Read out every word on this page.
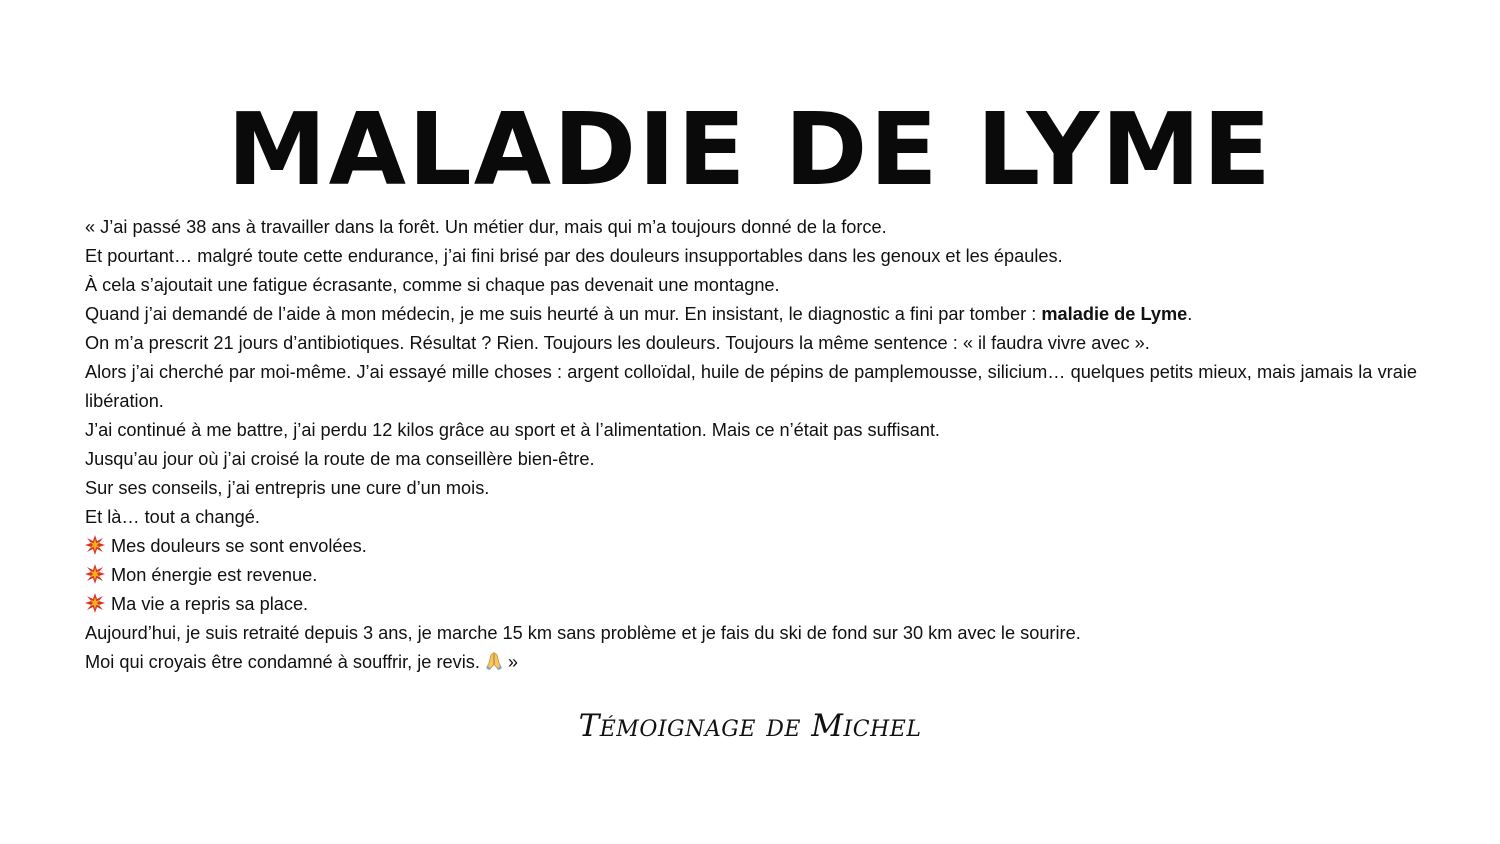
MALADIE DE LYME
« J’ai passé 38 ans à travailler dans la forêt. Un métier dur, mais qui m’a toujours donné de la force.
Et pourtant… malgré toute cette endurance, j’ai fini brisé par des douleurs insupportables dans les genoux et les épaules.
À cela s’ajoutait une fatigue écrasante, comme si chaque pas devenait une montagne.
Quand j’ai demandé de l’aide à mon médecin, je me suis heurté à un mur. En insistant, le diagnostic a fini par tomber : maladie de Lyme.
On m’a prescrit 21 jours d’antibiotiques. Résultat ? Rien. Toujours les douleurs. Toujours la même sentence : « il faudra vivre avec ».
Alors j’ai cherché par moi-même. J’ai essayé mille choses : argent colloïdal, huile de pépins de pamplemousse, silicium… quelques petits mieux, mais jamais la vraie libération.
J’ai continué à me battre, j’ai perdu 12 kilos grâce au sport et à l’alimentation. Mais ce n’était pas suffisant.
Jusqu’au jour où j’ai croisé la route de ma conseillère bien-être.
Sur ses conseils, j’ai entrepris une cure d’un mois.
Et là… tout a changé.
Mes douleurs se sont envolées.
Mon énergie est revenue.
Ma vie a repris sa place.
Aujourd’hui, je suis retraité depuis 3 ans, je marche 15 km sans problème et je fais du ski de fond sur 30 km avec le sourire.
Moi qui croyais être condamné à souffrir, je revis. »
Témoignage de Michel
